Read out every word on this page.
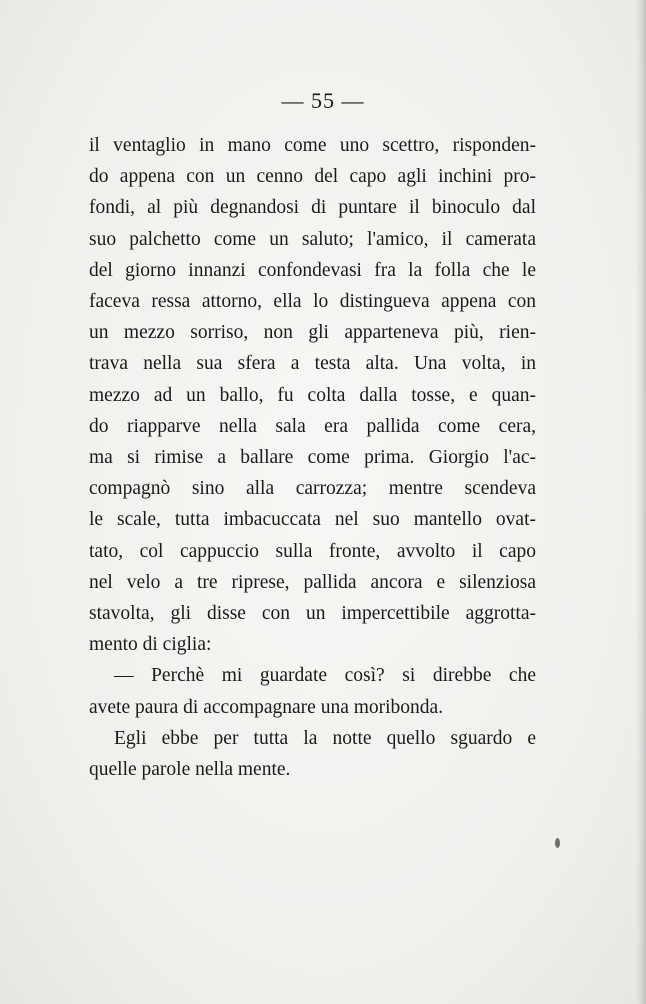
— 55 —
il ventaglio in mano come uno scettro, risponden-
do appena con un cenno del capo agli inchini pro-
fondi, al più degnandosi di puntare il binoculo dal
suo palchetto come un saluto; l'amico, il camerata
del giorno innanzi confondevasi fra la folla che le
faceva ressa attorno, ella lo distingueva appena con
un mezzo sorriso, non gli apparteneva più, rien-
trava nella sua sfera a testa alta. Una volta, in
mezzo ad un ballo, fu colta dalla tosse, e quan-
do riapparve nella sala era pallida come cera,
ma si rimise a ballare come prima. Giorgio l'ac-
compagnò sino alla carrozza; mentre scendeva
le scale, tutta imbacuccata nel suo mantello ovat-
tato, col cappuccio sulla fronte, avvolto il capo
nel velo a tre riprese, pallida ancora e silenziosa
stavolta, gli disse con un impercettibile aggrotta-
mento di ciglia:
— Perchè mi guardate così? si direbbe che
avete paura di accompagnare una moribonda.
Egli ebbe per tutta la notte quello sguardo e
quelle parole nella mente.
